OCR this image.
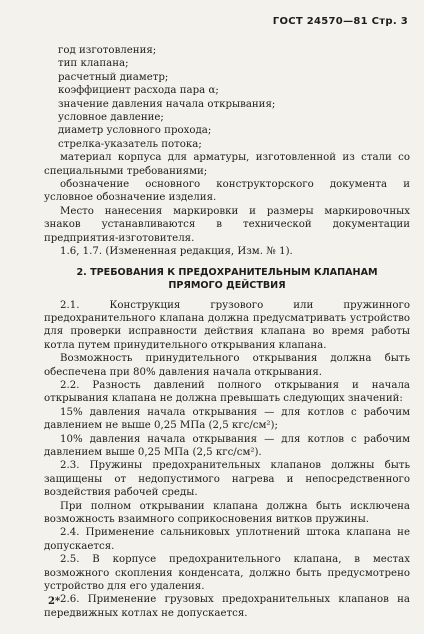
ГОСТ 24570—81 Стр. 3

год изготовления;

тип клапана;

расчетный диаметр;

коэффициент расхода пара α;

значение давления начала открывания;

условное давление;

диаметр условного прохода;

стрелка-указатель потока;

материал корпуса для арматуры, изготовленной из стали со специальными требованиями;

обозначение основного конструкторского документа и условное обозначение изделия.

Место нанесения маркировки и размеры маркировочных знаков устанавливаются в технической документации предприятия-изготовителя.

1.6, 1.7. (Измененная редакция, Изм. № 1).

2. ТРЕБОВАНИЯ К ПРЕДОХРАНИТЕЛЬНЫМ КЛАПАНАМ ПРЯМОГО ДЕЙСТВИЯ

2.1. Конструкция грузового или пружинного предохранительного клапана должна предусматривать устройство для проверки исправности действия клапана во время работы котла путем принудительного открывания клапана.

Возможность принудительного открывания должна быть обеспечена при 80% давления начала открывания.

2.2. Разность давлений полного открывания и начала открывания клапана не должна превышать следующих значений:

15% давления начала открывания — для котлов с рабочим давлением не выше 0,25 МПа (2,5 кгс/см²);

10% давления начала открывания — для котлов с рабочим давлением выше 0,25 МПа (2,5 кгс/см²).

2.3. Пружины предохранительных клапанов должны быть защищены от недопустимого нагрева и непосредственного воздействия рабочей среды.

При полном открывании клапана должна быть исключена возможность взаимного соприкосновения витков пружины.

2.4. Применение сальниковых уплотнений штока клапана не допускается.

2.5. В корпусе предохранительного клапана, в местах возможного скопления конденсата, должно быть предусмотрено устройство для его удаления.

2.6. Применение грузовых предохранительных клапанов на передвижных котлах не допускается.

2*
